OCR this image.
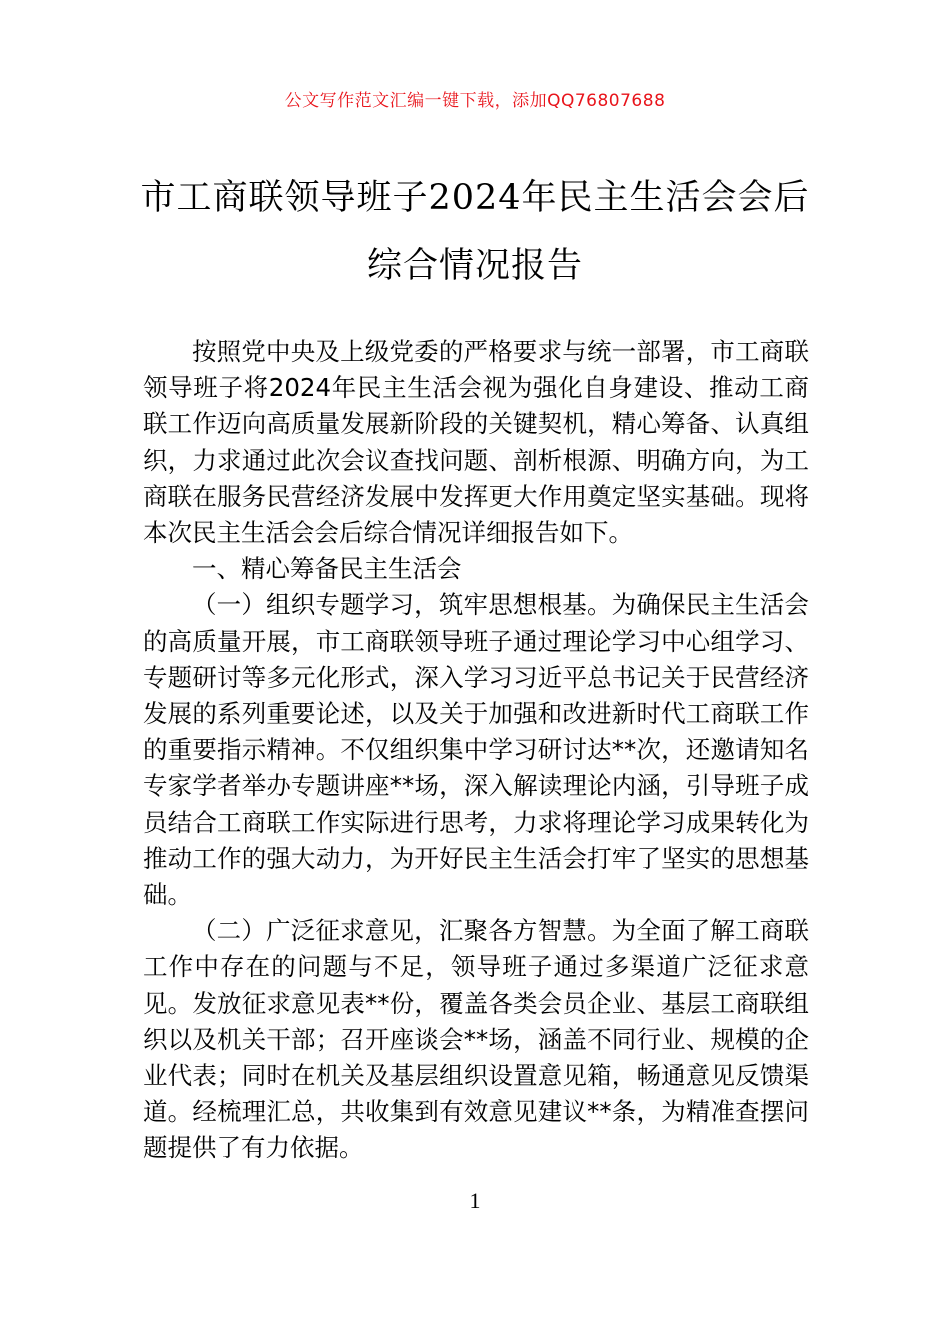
公文写作范文汇编一键下载，添加QQ76807688
市工商联领导班子2024年民主生活会会后
综合情况报告

按照党中央及上级党委的严格要求与统一部署，市工商联领导班子将2024年民主生活会视为强化自身建设、推动工商联工作迈向高质量发展新阶段的关键契机，精心筹备、认真组织，力求通过此次会议查找问题、剖析根源、明确方向，为工商联在服务民营经济发展中发挥更大作用奠定坚实基础。现将本次民主生活会会后综合情况详细报告如下。

一、精心筹备民主生活会

（一）组织专题学习，筑牢思想根基。为确保民主生活会的高质量开展，市工商联领导班子通过理论学习中心组学习、专题研讨等多元化形式，深入学习习近平总书记关于民营经济发展的系列重要论述，以及关于加强和改进新时代工商联工作的重要指示精神。不仅组织集中学习研讨达**次，还邀请知名专家学者举办专题讲座**场，深入解读理论内涵，引导班子成员结合工商联工作实际进行思考，力求将理论学习成果转化为推动工作的强大动力，为开好民主生活会打牢了坚实的思想基础。

（二）广泛征求意见，汇聚各方智慧。为全面了解工商联工作中存在的问题与不足，领导班子通过多渠道广泛征求意见。发放征求意见表**份，覆盖各类会员企业、基层工商联组织以及机关干部；召开座谈会**场，涵盖不同行业、规模的企业代表；同时在机关及基层组织设置意见箱，畅通意见反馈渠道。经梳理汇总，共收集到有效意见建议**条，为精准查摆问题提供了有力依据。

1
